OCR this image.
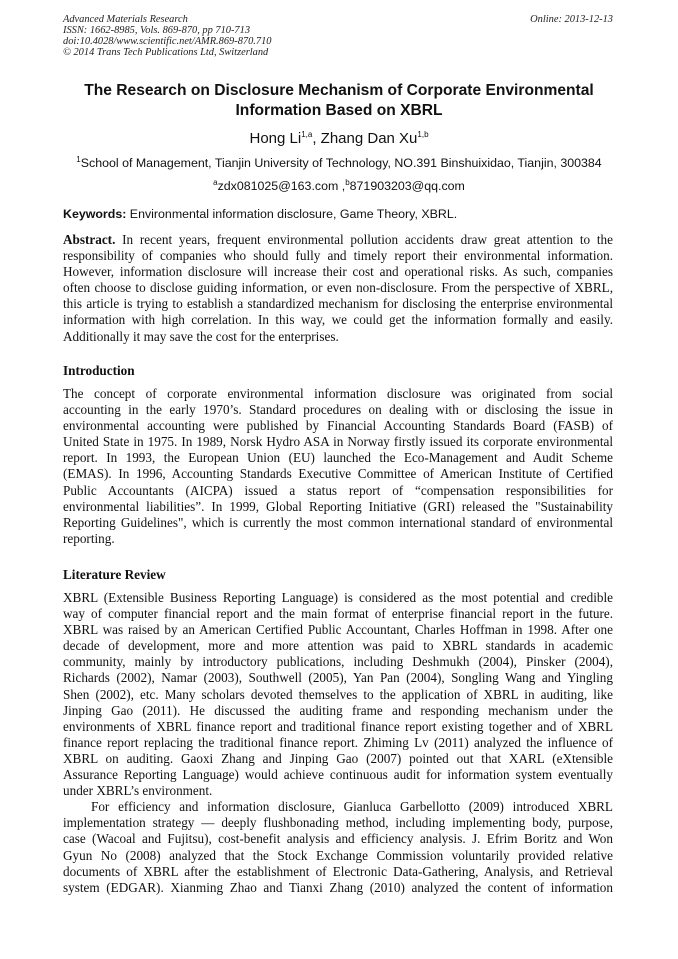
Advanced Materials Research
ISSN: 1662-8985, Vols. 869-870, pp 710-713
doi:10.4028/www.scientific.net/AMR.869-870.710
© 2014 Trans Tech Publications Ltd, Switzerland
Online: 2013-12-13
The Research on Disclosure Mechanism of Corporate Environmental
Information Based on XBRL
Hong Li$^{1,a}$, Zhang Dan Xu$^{1,b}$
$^1$School of Management, Tianjin University of Technology, NO.391 Binshuixidao, Tianjin, 300384
$^a$zdx081025@163.com ,$^b$871903203@qq.com
Keywords: Environmental information disclosure, Game Theory, XBRL.
Abstract. In recent years, frequent environmental pollution accidents draw great attention to the
responsibility of companies who should fully and timely report their environmental information.
However, information disclosure will increase their cost and operational risks. As such, companies
often choose to disclose guiding information, or even non-disclosure. From the perspective of XBRL,
this article is trying to establish a standardized mechanism for disclosing the enterprise environmental
information with high correlation. In this way, we could get the information formally and easily.
Additionally it may save the cost for the enterprises.
Introduction
The concept of corporate environmental information disclosure was originated from social
accounting in the early 1970’s. Standard procedures on dealing with or disclosing the issue in
environmental accounting were published by Financial Accounting Standards Board (FASB) of
United State in 1975. In 1989, Norsk Hydro ASA in Norway firstly issued its corporate environmental
report. In 1993, the European Union (EU) launched the Eco-Management and Audit Scheme
(EMAS). In 1996, Accounting Standards Executive Committee of American Institute of Certified
Public Accountants (AICPA) issued a status report of “compensation responsibilities for
environmental liabilities”. In 1999, Global Reporting Initiative (GRI) released the "Sustainability
Reporting Guidelines", which is currently the most common international standard of environmental
reporting.
Literature Review
XBRL (Extensible Business Reporting Language) is considered as the most potential and credible
way of computer financial report and the main format of enterprise financial report in the future.
XBRL was raised by an American Certified Public Accountant, Charles Hoffman in 1998. After one
decade of development, more and more attention was paid to XBRL standards in academic
community, mainly by introductory publications, including Deshmukh (2004), Pinsker (2004),
Richards (2002), Namar (2003), Southwell (2005), Yan Pan (2004), Songling Wang and Yingling
Shen (2002), etc. Many scholars devoted themselves to the application of XBRL in auditing, like
Jinping Gao (2011). He discussed the auditing frame and responding mechanism under the
environments of XBRL finance report and traditional finance report existing together and of XBRL
finance report replacing the traditional finance report. Zhiming Lv (2011) analyzed the influence of
XBRL on auditing. Gaoxi Zhang and Jinping Gao (2007) pointed out that XARL (eXtensible
Assurance Reporting Language) would achieve continuous audit for information system eventually
under XBRL’s environment.
For efficiency and information disclosure, Gianluca Garbellotto (2009) introduced XBRL
implementation strategy — deeply flushbonading method, including implementing body, purpose,
case (Wacoal and Fujitsu), cost-benefit analysis and efficiency analysis. J. Efrim Boritz and Won
Gyun No (2008) analyzed that the Stock Exchange Commission voluntarily provided relative
documents of XBRL after the establishment of Electronic Data-Gathering, Analysis, and Retrieval
system (EDGAR). Xianming Zhao and Tianxi Zhang (2010) analyzed the content of information
